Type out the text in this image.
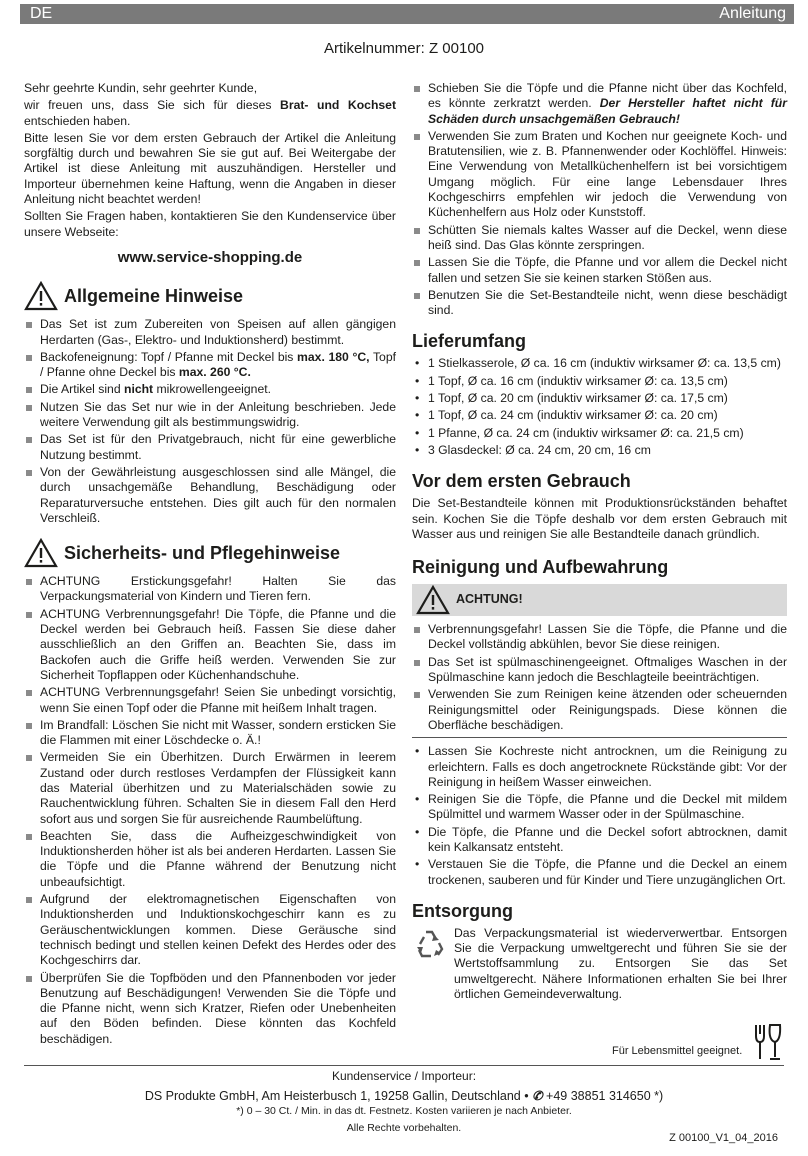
DE	Anleitung
Artikelnummer: Z 00100

Sehr geehrte Kundin, sehr geehrter Kunde,

wir freuen uns, dass Sie sich für dieses Brat- und Kochset entschieden haben.

Bitte lesen Sie vor dem ersten Gebrauch der Artikel die Anleitung sorgfältig durch und bewahren Sie sie gut auf. Bei Weitergabe der Artikel ist diese Anleitung mit auszuhändigen. Hersteller und Importeur übernehmen keine Haftung, wenn die Angaben in dieser Anleitung nicht beachtet werden!

Sollten Sie Fragen haben, kontaktieren Sie den Kundenservice über unsere Webseite:

www.service-shopping.de
Allgemeine Hinweise
Das Set ist zum Zubereiten von Speisen auf allen gängigen Herdarten (Gas-, Elektro- und Induktionsherd) bestimmt.
Backofeneignung: Topf / Pfanne mit Deckel bis max. 180 °C, Topf / Pfanne ohne Deckel bis max. 260 °C.
Die Artikel sind nicht mikrowellengeeignet.
Nutzen Sie das Set nur wie in der Anleitung beschrieben. Jede weitere Verwendung gilt als bestimmungswidrig.
Das Set ist für den Privatgebrauch, nicht für eine gewerbliche Nutzung bestimmt.
Von der Gewährleistung ausgeschlossen sind alle Mängel, die durch unsachgemäße Behandlung, Beschädigung oder Reparaturversuche entstehen. Dies gilt auch für den normalen Verschleiß.
Sicherheits- und Pflegehinweise
ACHTUNG Erstickungsgefahr! Halten Sie das Verpackungsmaterial von Kindern und Tieren fern.
ACHTUNG Verbrennungsgefahr! Die Töpfe, die Pfanne und die Deckel werden bei Gebrauch heiß. Fassen Sie diese daher ausschließlich an den Griffen an. Beachten Sie, dass im Backofen auch die Griffe heiß werden. Verwenden Sie zur Sicherheit Topflappen oder Küchenhandschuhe.
ACHTUNG Verbrennungsgefahr! Seien Sie unbedingt vorsichtig, wenn Sie einen Topf oder die Pfanne mit heißem Inhalt tragen.
Im Brandfall: Löschen Sie nicht mit Wasser, sondern ersticken Sie die Flammen mit einer Löschdecke o. Ä.!
Vermeiden Sie ein Überhitzen. Durch Erwärmen in leerem Zustand oder durch restloses Verdampfen der Flüssigkeit kann das Material überhitzen und zu Materialschäden sowie zu Rauchentwicklung führen. Schalten Sie in diesem Fall den Herd sofort aus und sorgen Sie für ausreichende Raumbelüftung.
Beachten Sie, dass die Aufheizgeschwindigkeit von Induktionsherden höher ist als bei anderen Herdarten. Lassen Sie die Töpfe und die Pfanne während der Benutzung nicht unbeaufsichtigt.
Aufgrund der elektromagnetischen Eigenschaften von Induktionsherden und Induktionskochgeschirr kann es zu Geräuschentwicklungen kommen. Diese Geräusche sind technisch bedingt und stellen keinen Defekt des Herdes oder des Kochgeschirrs dar.
Überprüfen Sie die Topfböden und den Pfannenboden vor jeder Benutzung auf Beschädigungen! Verwenden Sie die Töpfe und die Pfanne nicht, wenn sich Kratzer, Riefen oder Unebenheiten auf den Böden befinden. Diese könnten das Kochfeld beschädigen.
Schieben Sie die Töpfe und die Pfanne nicht über das Kochfeld, es könnte zerkratzt werden. Der Hersteller haftet nicht für Schäden durch unsachgemäßen Gebrauch!
Verwenden Sie zum Braten und Kochen nur geeignete Koch- und Bratutensilien, wie z. B. Pfannenwender oder Kochlöffel. Hinweis: Eine Verwendung von Metallküchenhelfern ist bei vorsichtigem Umgang möglich. Für eine lange Lebensdauer Ihres Kochgeschirrs empfehlen wir jedoch die Verwendung von Küchenhelfern aus Holz oder Kunststoff.
Schütten Sie niemals kaltes Wasser auf die Deckel, wenn diese heiß sind. Das Glas könnte zerspringen.
Lassen Sie die Töpfe, die Pfanne und vor allem die Deckel nicht fallen und setzen Sie sie keinen starken Stößen aus.
Benutzen Sie die Set-Bestandteile nicht, wenn diese beschädigt sind.
Lieferumfang
• 1 Stielkasserole, Ø ca. 16 cm (induktiv wirksamer Ø: ca. 13,5 cm)
• 1 Topf, Ø ca. 16 cm (induktiv wirksamer Ø: ca. 13,5 cm)
• 1 Topf, Ø ca. 20 cm (induktiv wirksamer Ø: ca. 17,5 cm)
• 1 Topf, Ø ca. 24 cm (induktiv wirksamer Ø: ca. 20 cm)
• 1 Pfanne, Ø ca. 24 cm (induktiv wirksamer Ø: ca. 21,5 cm)
• 3 Glasdeckel: Ø ca. 24 cm, 20 cm, 16 cm
Vor dem ersten Gebrauch

Die Set-Bestandteile können mit Produktionsrückständen behaftet sein. Kochen Sie die Töpfe deshalb vor dem ersten Gebrauch mit Wasser aus und reinigen Sie alle Bestandteile danach gründlich.

Reinigung und Aufbewahrung
ACHTUNG!
Verbrennungsgefahr! Lassen Sie die Töpfe, die Pfanne und die Deckel vollständig abkühlen, bevor Sie diese reinigen.
Das Set ist spülmaschinengeeignet. Oftmaliges Waschen in der Spülmaschine kann jedoch die Beschlagteile beeinträchtigen.
Verwenden Sie zum Reinigen keine ätzenden oder scheuernden Reinigungsmittel oder Reinigungspads. Diese können die Oberfläche beschädigen.
• Lassen Sie Kochreste nicht antrocknen, um die Reinigung zu erleichtern. Falls es doch angetrocknete Rückstände gibt: Vor der Reinigung in heißem Wasser einweichen.
• Reinigen Sie die Töpfe, die Pfanne und die Deckel mit mildem Spülmittel und warmem Wasser oder in der Spülmaschine.
• Die Töpfe, die Pfanne und die Deckel sofort abtrocknen, damit kein Kalkansatz entsteht.
• Verstauen Sie die Töpfe, die Pfanne und die Deckel an einem trockenen, sauberen und für Kinder und Tiere unzugänglichen Ort.
Entsorgung

Das Verpackungsmaterial ist wiederverwertbar. Entsorgen Sie die Verpackung umweltgerecht und führen Sie sie der Wertstoffsammlung zu. Entsorgen Sie das Set umweltgerecht. Nähere Informationen erhalten Sie bei Ihrer örtlichen Gemeindeverwaltung.

Für Lebensmittel geeignet.
Kundenservice / Importeur:
DS Produkte GmbH, Am Heisterbusch 1, 19258 Gallin, Deutschland • ✆ +49 38851 314650 *)
*) 0 – 30 Ct. / Min. in das dt. Festnetz. Kosten variieren je nach Anbieter.
Alle Rechte vorbehalten.
Z 00100_V1_04_2016
